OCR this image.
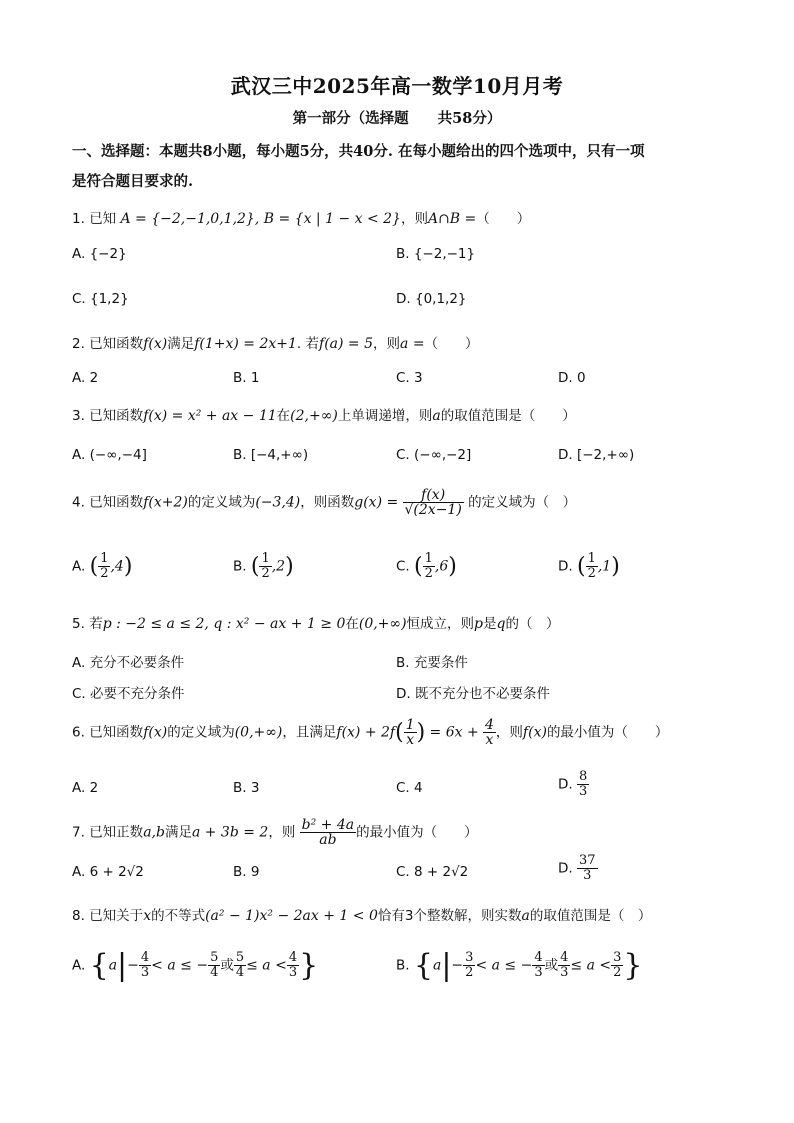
武汉三中2025年高一数学10月月考
第一部分（选择题　　共58分）
一、选择题：本题共8小题，每小题5分，共40分. 在每小题给出的四个选项中，只有一项
是符合题目要求的.
1. 已知 A = {−2,−1,0,1,2}, B = {x | 1 − x < 2}，则A∩B =（　　）
A. {−2}	B. {−2,−1}
C. {1,2}	D. {0,1,2}
2. 已知函数f(x)满足f(1+x) = 2x+1. 若f(a) = 5，则a =（　　）
A. 2	B. 1	C. 3	D. 0
3. 已知函数f(x) = x² + ax − 11在(2,+∞)上单调递增，则a的取值范围是（　　）
A. (−∞,−4]	B. [−4,+∞)	C. (−∞,−2]	D. [−2,+∞)
4. 已知函数f(x+2)的定义域为(−3,4)，则函数$g(x) = \frac{f(x)}{√(2x-1)}$ 的定义域为（　）
A. ( $\frac{1}{2} ,4$)	B. ( $\frac{1}{2} ,2$)	C. ( $\frac{1}{2} ,6$)	D. ( $\frac{1}{2} ,1$)
5. 若p : −2 ≤ a ≤ 2, q : x² − ax + 1 ≥ 0在(0,+∞)恒成立，则p是q的（　）
A. 充分不必要条件	B. 充要条件
C. 必要不充分条件	D. 既不充分也不必要条件
6. 已知函数f(x)的定义域为(0,+∞)，且满足$f(x) + 2f( \frac{1}{x}$ ) = $6x + \frac{4}{x}$ ，则f(x)的最小值为（　　）
A. 2	B. 3	C. 4	D. $\frac{8}{3}$
7. 已知正数a,b满足a + 3b = 2，则 $\frac{\text{b² + 4a}}{ab}$ 的最小值为（　　）
A. 6 + 2√2	B. 9	C. 8 + 2√2	D. $\frac{37}{3}$
8. 已知关于x的不等式(a² − 1)x² − 2ax + 1 < 0恰有3个整数解，则实数a的取值范围是（　）
A. {$a|- \frac{4}{3} < a$ ≤ − $\frac{5}{4}$ 或 $\frac{5}{4} \le a < \frac{4}{3}$ }	B. {$a|- \frac{3}{2} < a$ ≤ − $\frac{4}{3}$ 或 $\frac{4}{3} \le a < \frac{3}{2}$ }
